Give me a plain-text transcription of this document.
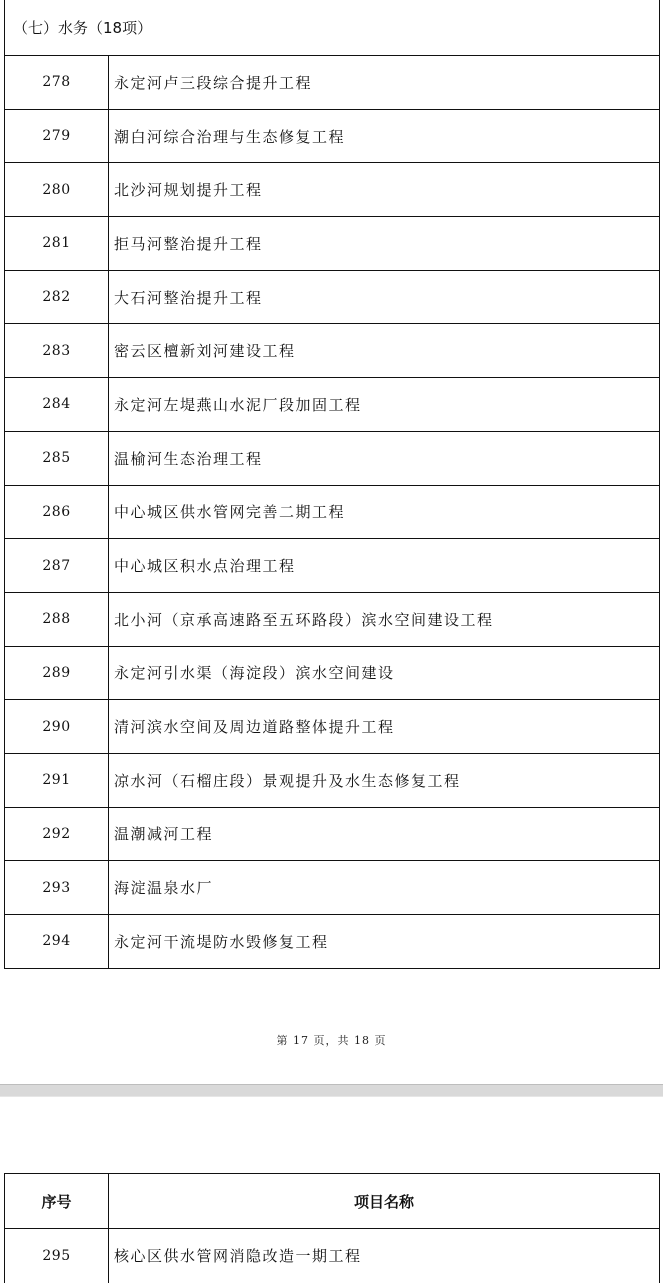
（七）水务（18项）	
278	永定河卢三段综合提升工程
279	潮白河综合治理与生态修复工程
280	北沙河规划提升工程
281	拒马河整治提升工程
282	大石河整治提升工程
283	密云区檀新刘河建设工程
284	永定河左堤燕山水泥厂段加固工程
285	温榆河生态治理工程
286	中心城区供水管网完善二期工程
287	中心城区积水点治理工程
288	北小河（京承高速路至五环路段）滨水空间建设工程
289	永定河引水渠（海淀段）滨水空间建设
290	清河滨水空间及周边道路整体提升工程
291	凉水河（石榴庄段）景观提升及水生态修复工程
292	温潮减河工程
293	海淀温泉水厂
294	永定河干流堤防水毁修复工程
第 17 页，共 18 页
序号	项目名称
295	核心区供水管网消隐改造一期工程
